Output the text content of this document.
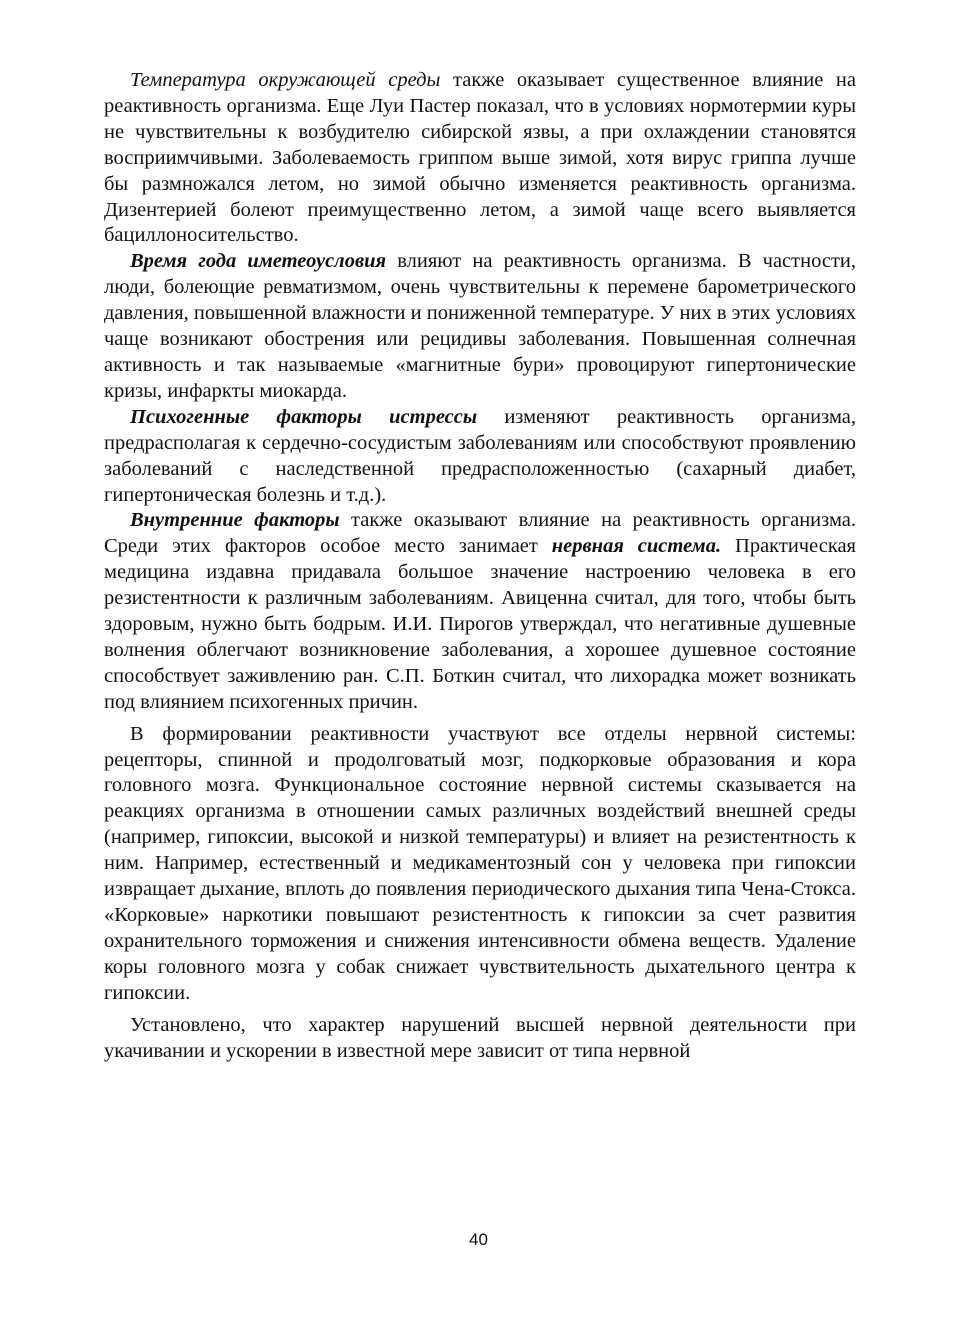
Температура окружающей среды также оказывает существенное влияние на реактивность организма. Еще Луи Пастер показал, что в условиях нормотермии куры не чувствительны к возбудителю сибирской язвы, а при охлаждении становятся восприимчивыми. Заболеваемость гриппом выше зимой, хотя вирус гриппа лучше бы размножался летом, но зимой обычно изменяется реактивность организма. Дизентерией болеют преимущественно летом, а зимой чаще всего выявляется бациллоносительство.

Время года иметеоусловия влияют на реактивность организма. В частности, люди, болеющие ревматизмом, очень чувствительны к перемене барометрического давления, повышенной влажности и пониженной температуре. У них в этих условиях чаще возникают обострения или рецидивы заболевания. Повышенная солнечная активность и так называемые «магнитные бури» провоцируют гипертонические кризы, инфаркты миокарда.

Психогенные факторы истрессы изменяют реактивность организма, предрасполагая к сердечно-сосудистым заболеваниям или способствуют проявлению заболеваний с наследственной предрасположенностью (сахарный диабет, гипертоническая болезнь и т.д.).

Внутренние факторы также оказывают влияние на реактивность организма. Среди этих факторов особое место занимает нервная система. Практическая медицина издавна придавала большое значение настроению человека в его резистентности к различным заболеваниям. Авиценна считал, для того, чтобы быть здоровым, нужно быть бодрым. И.И. Пирогов утверждал, что негативные душевные волнения облегчают возникновение заболевания, а хорошее душевное состояние способствует заживлению ран. С.П. Боткин считал, что лихорадка может возникать под влиянием психогенных причин.

В формировании реактивности участвуют все отделы нервной системы: рецепторы, спинной и продолговатый мозг, подкорковые образования и кора головного мозга. Функциональное состояние нервной системы сказывается на реакциях организма в отношении самых различных воздействий внешней среды (например, гипоксии, высокой и низкой температуры) и влияет на резистентность к ним. Например, естественный и медикаментозный сон у человека при гипоксии извращает дыхание, вплоть до появления периодического дыхания типа Чена-Стокса. «Корковые» наркотики повышают резистентность к гипоксии за счет развития охранительного торможения и снижения интенсивности обмена веществ. Удаление коры головного мозга у собак снижает чувствительность дыхательного центра к гипоксии.

Установлено, что характер нарушений высшей нервной деятельности при укачивании и ускорении в известной мере зависит от типа нервной

40
